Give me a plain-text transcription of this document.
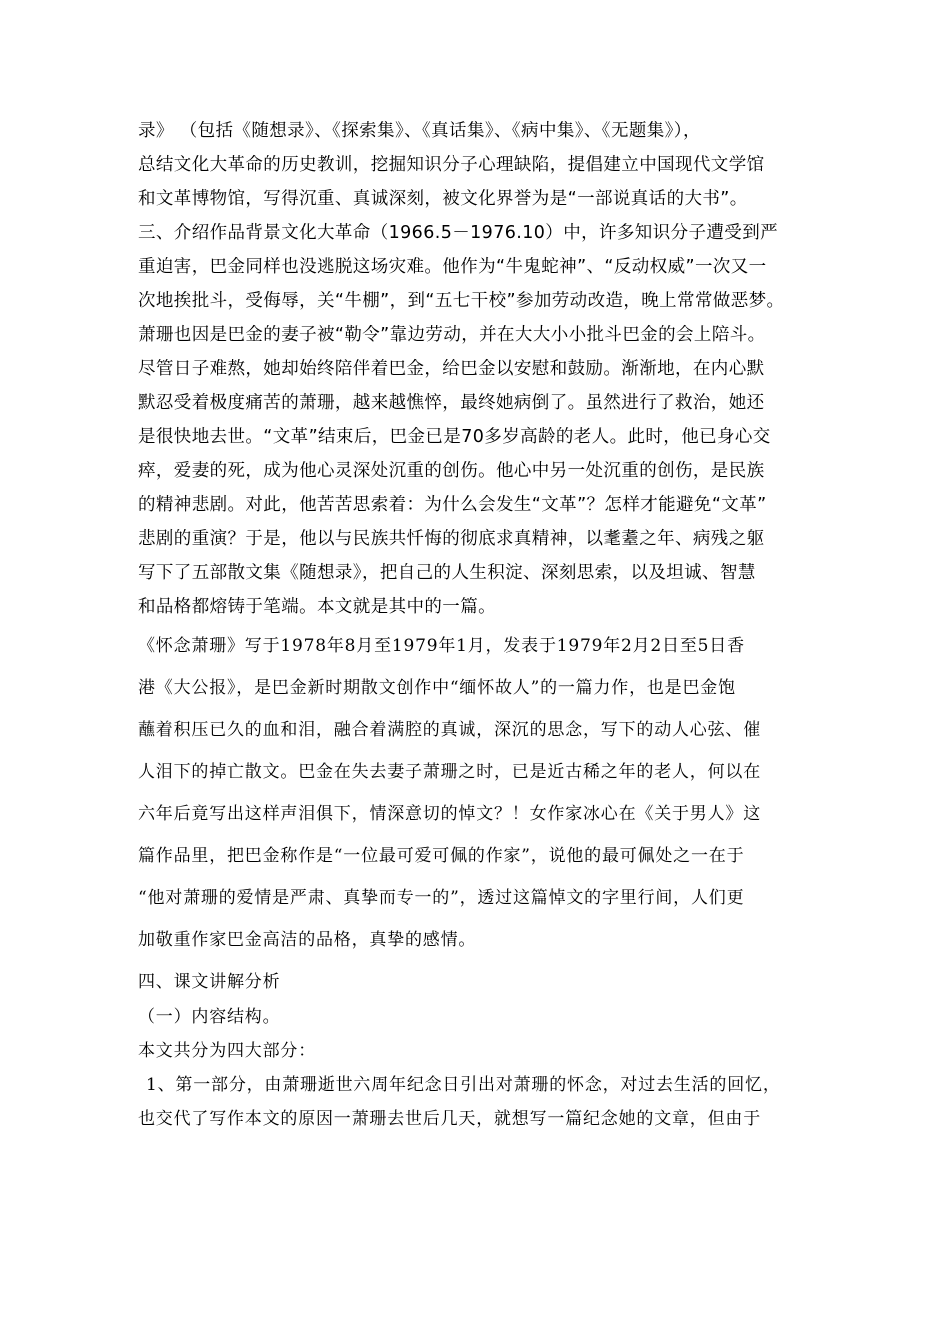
录》 （包括《随想录》、《探索集》、《真话集》、《病中集》、《无题集》），
总结文化大革命的历史教训，挖掘知识分子心理缺陷，提倡建立中国现代文学馆
和文革博物馆，写得沉重、真诚深刻，被文化界誉为是“一部说真话的大书”。
三、介绍作品背景文化大革命（1966.5－1976.10）中，许多知识分子遭受到严
重迫害，巴金同样也没逃脱这场灾难。他作为“牛鬼蛇神”、“反动权威”一次又一
次地挨批斗，受侮辱，关“牛棚”，到“五七干校”参加劳动改造，晚上常常做恶梦。
萧珊也因是巴金的妻子被“勒令”靠边劳动，并在大大小小批斗巴金的会上陪斗。
尽管日子难熬，她却始终陪伴着巴金，给巴金以安慰和鼓励。渐渐地，在内心默
默忍受着极度痛苦的萧珊，越来越憔悴，最终她病倒了。虽然进行了救治，她还
是很快地去世。“文革”结束后，巴金已是70多岁高龄的老人。此时，他已身心交
瘁，爱妻的死，成为他心灵深处沉重的创伤。他心中另一处沉重的创伤，是民族
的精神悲剧。对此，他苦苦思索着：为什么会发生“文革”？怎样才能避免“文革”
悲剧的重演？于是，他以与民族共忏悔的彻底求真精神，以耄耋之年、病残之躯
写下了五部散文集《随想录》，把自己的人生积淀、深刻思索，以及坦诚、智慧
和品格都熔铸于笔端。本文就是其中的一篇。
《怀念萧珊》写于1978年8月至1979年1月，发表于1979年2月2日至5日香
港《大公报》，是巴金新时期散文创作中“缅怀故人”的一篇力作，也是巴金饱
蘸着积压已久的血和泪，融合着满腔的真诚，深沉的思念，写下的动人心弦、催
人泪下的掉亡散文。巴金在失去妻子萧珊之时，已是近古稀之年的老人，何以在
六年后竟写出这样声泪俱下，情深意切的悼文？！女作家冰心在《关于男人》这
篇作品里，把巴金称作是“一位最可爱可佩的作家”，说他的最可佩处之一在于
“他对萧珊的爱情是严肃、真挚而专一的”，透过这篇悼文的字里行间，人们更
加敬重作家巴金高洁的品格，真挚的感情。
四、课文讲解分析
（一）内容结构。
本文共分为四大部分：
1、第一部分，由萧珊逝世六周年纪念日引出对萧珊的怀念，对过去生活的回忆，
也交代了写作本文的原因一萧珊去世后几天，就想写一篇纪念她的文章，但由于
